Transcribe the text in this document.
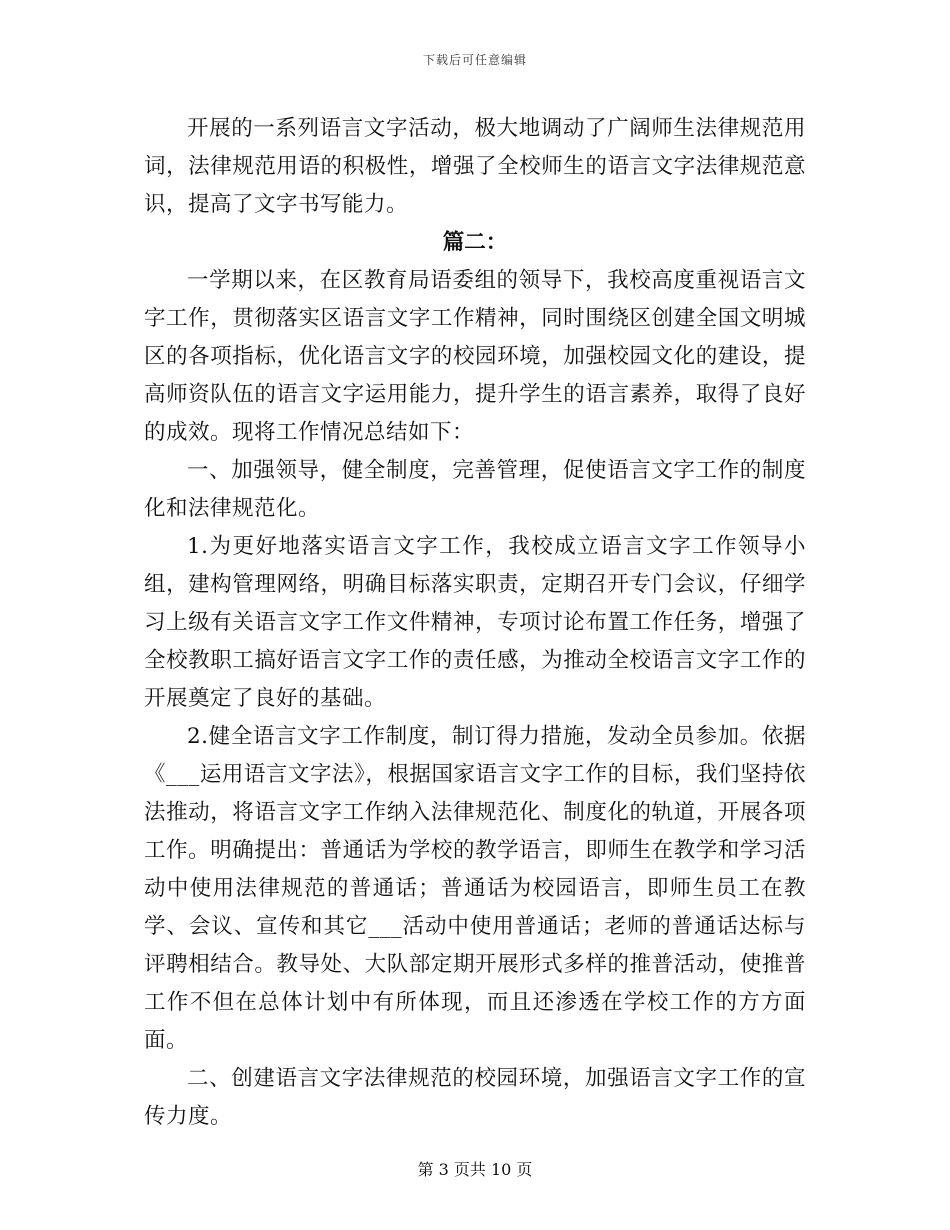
下载后可任意编辑

开展的一系列语言文字活动，极大地调动了广阔师生法律规范用词，法律规范用语的积极性，增强了全校师生的语言文字法律规范意识，提高了文字书写能力。

篇二：

一学期以来，在区教育局语委组的领导下，我校高度重视语言文字工作，贯彻落实区语言文字工作精神，同时围绕区创建全国文明城区的各项指标，优化语言文字的校园环境，加强校园文化的建设，提高师资队伍的语言文字运用能力，提升学生的语言素养，取得了良好的成效。现将工作情况总结如下：

一、加强领导，健全制度，完善管理，促使语言文字工作的制度化和法律规范化。

1.为更好地落实语言文字工作，我校成立语言文字工作领导小组，建构管理网络，明确目标落实职责，定期召开专门会议，仔细学习上级有关语言文字工作文件精神，专项讨论布置工作任务，增强了全校教职工搞好语言文字工作的责任感，为推动全校语言文字工作的开展奠定了良好的基础。

2.健全语言文字工作制度，制订得力措施，发动全员参加。依据《___运用语言文字法》，根据国家语言文字工作的目标，我们坚持依法推动，将语言文字工作纳入法律规范化、制度化的轨道，开展各项工作。明确提出：普通话为学校的教学语言，即师生在教学和学习活动中使用法律规范的普通话；普通话为校园语言，即师生员工在教学、会议、宣传和其它___活动中使用普通话；老师的普通话达标与评聘相结合。教导处、大队部定期开展形式多样的推普活动，使推普工作不但在总体计划中有所体现，而且还渗透在学校工作的方方面面。

二、创建语言文字法律规范的校园环境，加强语言文字工作的宣传力度。

第 3 页共 10 页
